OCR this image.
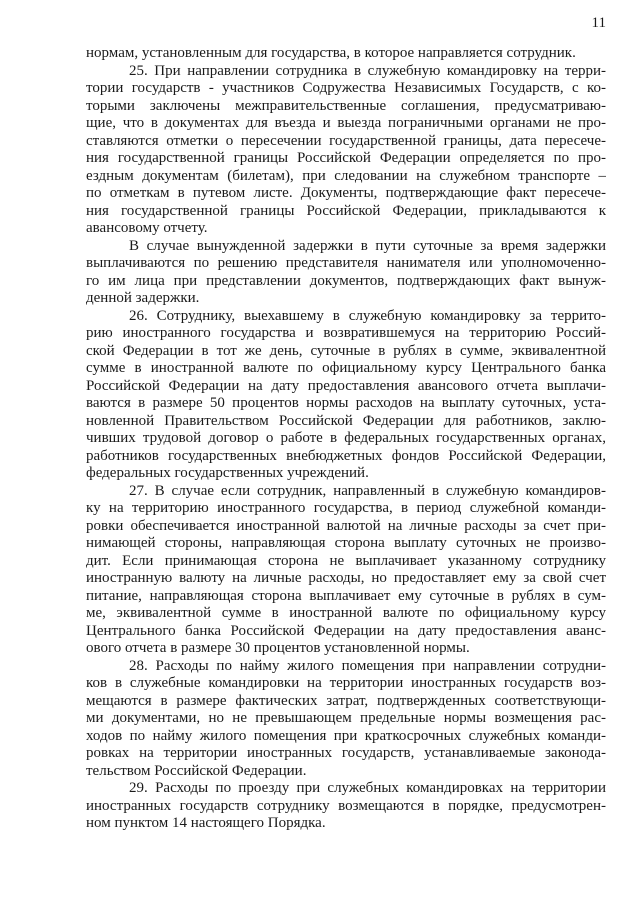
11
нормам, установленным для государства, в которое направляется сотрудник.
25. При направлении сотрудника в служебную командировку на терри-
тории государств - участников Содружества Независимых Государств, с ко-
торыми заключены межправительственные соглашения, предусматриваю-
щие, что в документах для въезда и выезда пограничными органами не про-
ставляются отметки о пересечении государственной границы, дата пересече-
ния государственной границы Российской Федерации определяется по про-
ездным документам (билетам), при следовании на служебном транспорте –
по отметкам в путевом листе. Документы, подтверждающие факт пересече-
ния государственной границы Российской Федерации, прикладываются к
авансовому отчету.
В случае вынужденной задержки в пути суточные за время задержки
выплачиваются по решению представителя нанимателя или уполномоченно-
го им лица при представлении документов, подтверждающих факт вынуж-
денной задержки.
26. Сотруднику, выехавшему в служебную командировку за террито-
рию иностранного государства и возвратившемуся на территорию Россий-
ской Федерации в тот же день, суточные в рублях в сумме, эквивалентной
сумме в иностранной валюте по официальному курсу Центрального банка
Российской Федерации на дату предоставления авансового отчета выплачи-
ваются в размере 50 процентов нормы расходов на выплату суточных, уста-
новленной Правительством Российской Федерации для работников, заклю-
чивших трудовой договор о работе в федеральных государственных органах,
работников государственных внебюджетных фондов Российской Федерации,
федеральных государственных учреждений.
27. В случае если сотрудник, направленный в служебную командиров-
ку на территорию иностранного государства, в период служебной команди-
ровки обеспечивается иностранной валютой на личные расходы за счет при-
нимающей стороны, направляющая сторона выплату суточных не произво-
дит. Если принимающая сторона не выплачивает указанному сотруднику
иностранную валюту на личные расходы, но предоставляет ему за свой счет
питание, направляющая сторона выплачивает ему суточные в рублях в сум-
ме, эквивалентной сумме в иностранной валюте по официальному курсу
Центрального банка Российской Федерации на дату предоставления аванс-
ового отчета в размере 30 процентов установленной нормы.
28. Расходы по найму жилого помещения при направлении сотрудни-
ков в служебные командировки на территории иностранных государств воз-
мещаются в размере фактических затрат, подтвержденных соответствующи-
ми документами, но не превышающем предельные нормы возмещения рас-
ходов по найму жилого помещения при краткосрочных служебных команди-
ровках на территории иностранных государств, устанавливаемые законода-
тельством Российской Федерации.
29. Расходы по проезду при служебных командировках на территории
иностранных государств сотруднику возмещаются в порядке, предусмотрен-
ном пунктом 14 настоящего Порядка.
